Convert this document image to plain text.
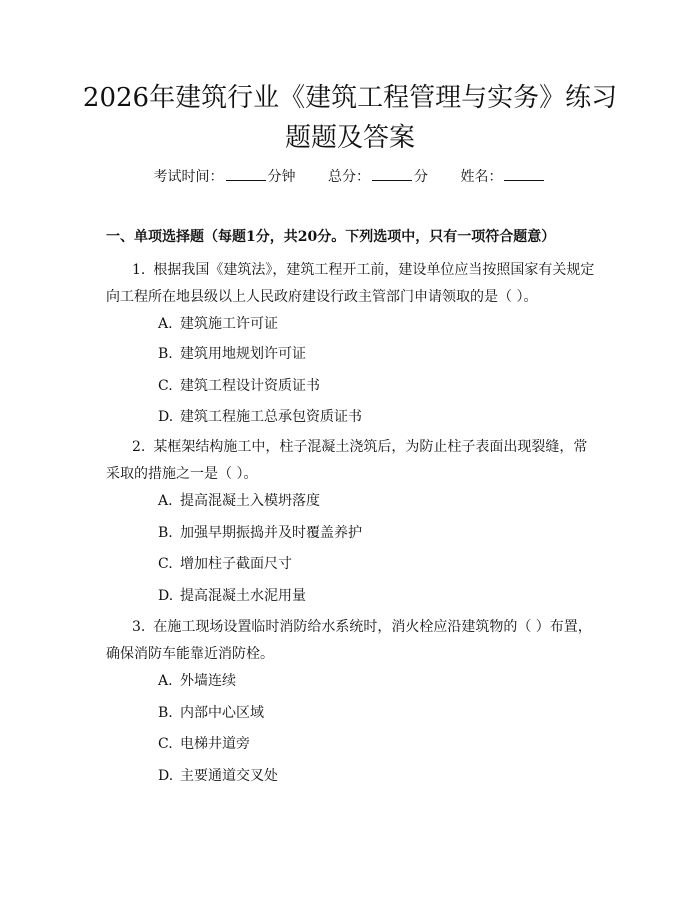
2026年建筑行业《建筑工程管理与实务》练习题题及答案
考试时间：	分钟 总分：	分 姓名：
一、单项选择题（每题1分，共20分。下列选项中，只有一项符合题意）

1. 根据我国《建筑法》，建筑工程开工前，建设单位应当按照国家有关规定向工程所在地县级以上人民政府建设行政主管部门申请领取的是（ ）。

A. 建筑施工许可证
B. 建筑用地规划许可证
C. 建筑工程设计资质证书
D. 建筑工程施工总承包资质证书

2. 某框架结构施工中，柱子混凝土浇筑后，为防止柱子表面出现裂缝，常采取的措施之一是（ ）。

A. 提高混凝土入模坍落度
B. 加强早期振捣并及时覆盖养护
C. 增加柱子截面尺寸
D. 提高混凝土水泥用量

3. 在施工现场设置临时消防给水系统时，消火栓应沿建筑物的（ ）布置，确保消防车能靠近消防栓。

A. 外墙连续
B. 内部中心区域
C. 电梯井道旁
D. 主要通道交叉处
